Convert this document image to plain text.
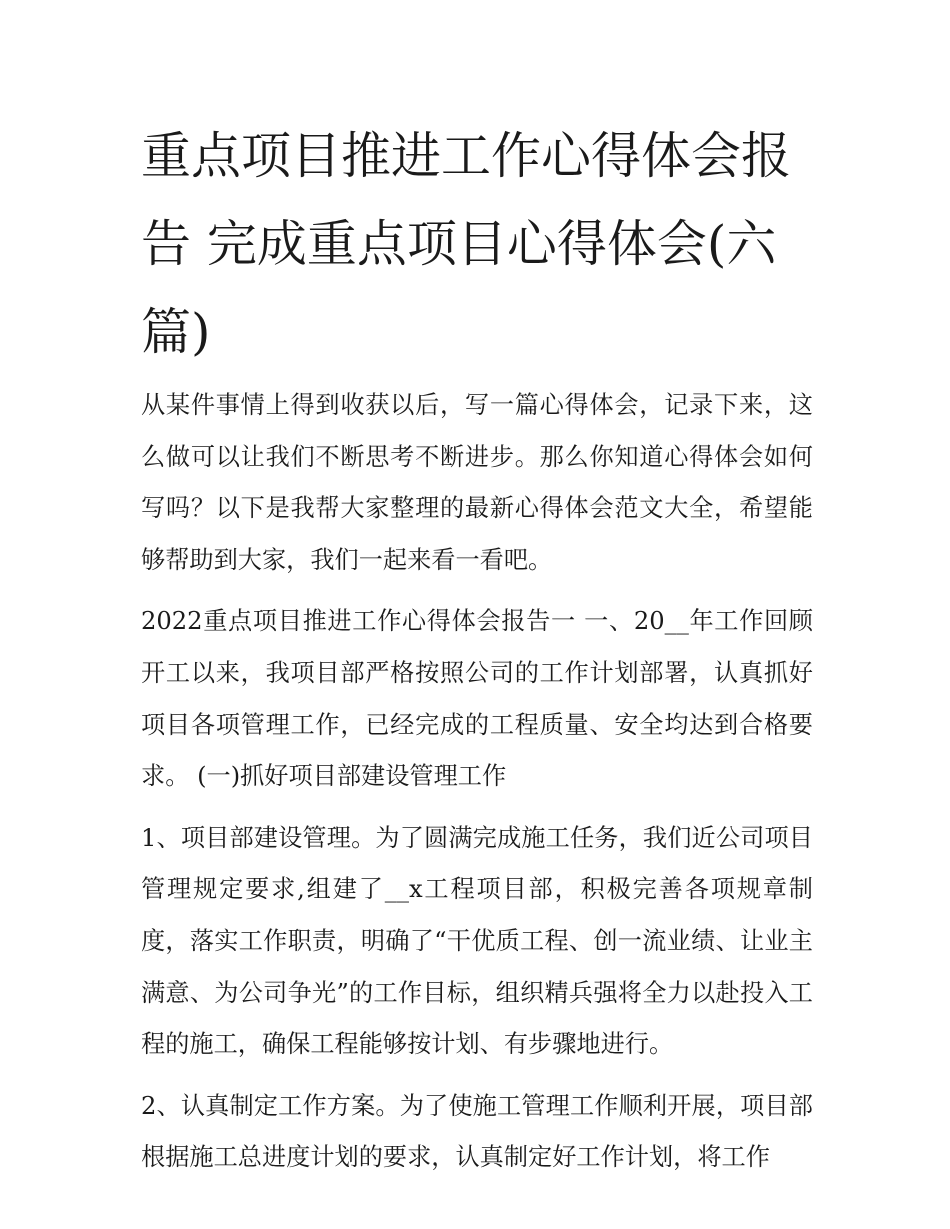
重点项目推进工作心得体会报告 完成重点项目心得体会(六篇)

从某件事情上得到收获以后，写一篇心得体会，记录下来，这么做可以让我们不断思考不断进步。那么你知道心得体会如何写吗？以下是我帮大家整理的最新心得体会范文大全，希望能够帮助到大家，我们一起来看一看吧。

2022重点项目推进工作心得体会报告一 一、20__年工作回顾 开工以来，我项目部严格按照公司的工作计划部署，认真抓好项目各项管理工作，已经完成的工程质量、安全均达到合格要求。 (一)抓好项目部建设管理工作

1、项目部建设管理。为了圆满完成施工任务，我们近公司项目管理规定要求,组建了__x工程项目部，积极完善各项规章制度，落实工作职责，明确了“干优质工程、创一流业绩、让业主满意、为公司争光”的工作目标，组织精兵强将全力以赴投入工程的施工，确保工程能够按计划、有步骤地进行。

2、认真制定工作方案。为了使施工管理工作顺利开展，项目部根据施工总进度计划的要求，认真制定好工作计划，将工作
